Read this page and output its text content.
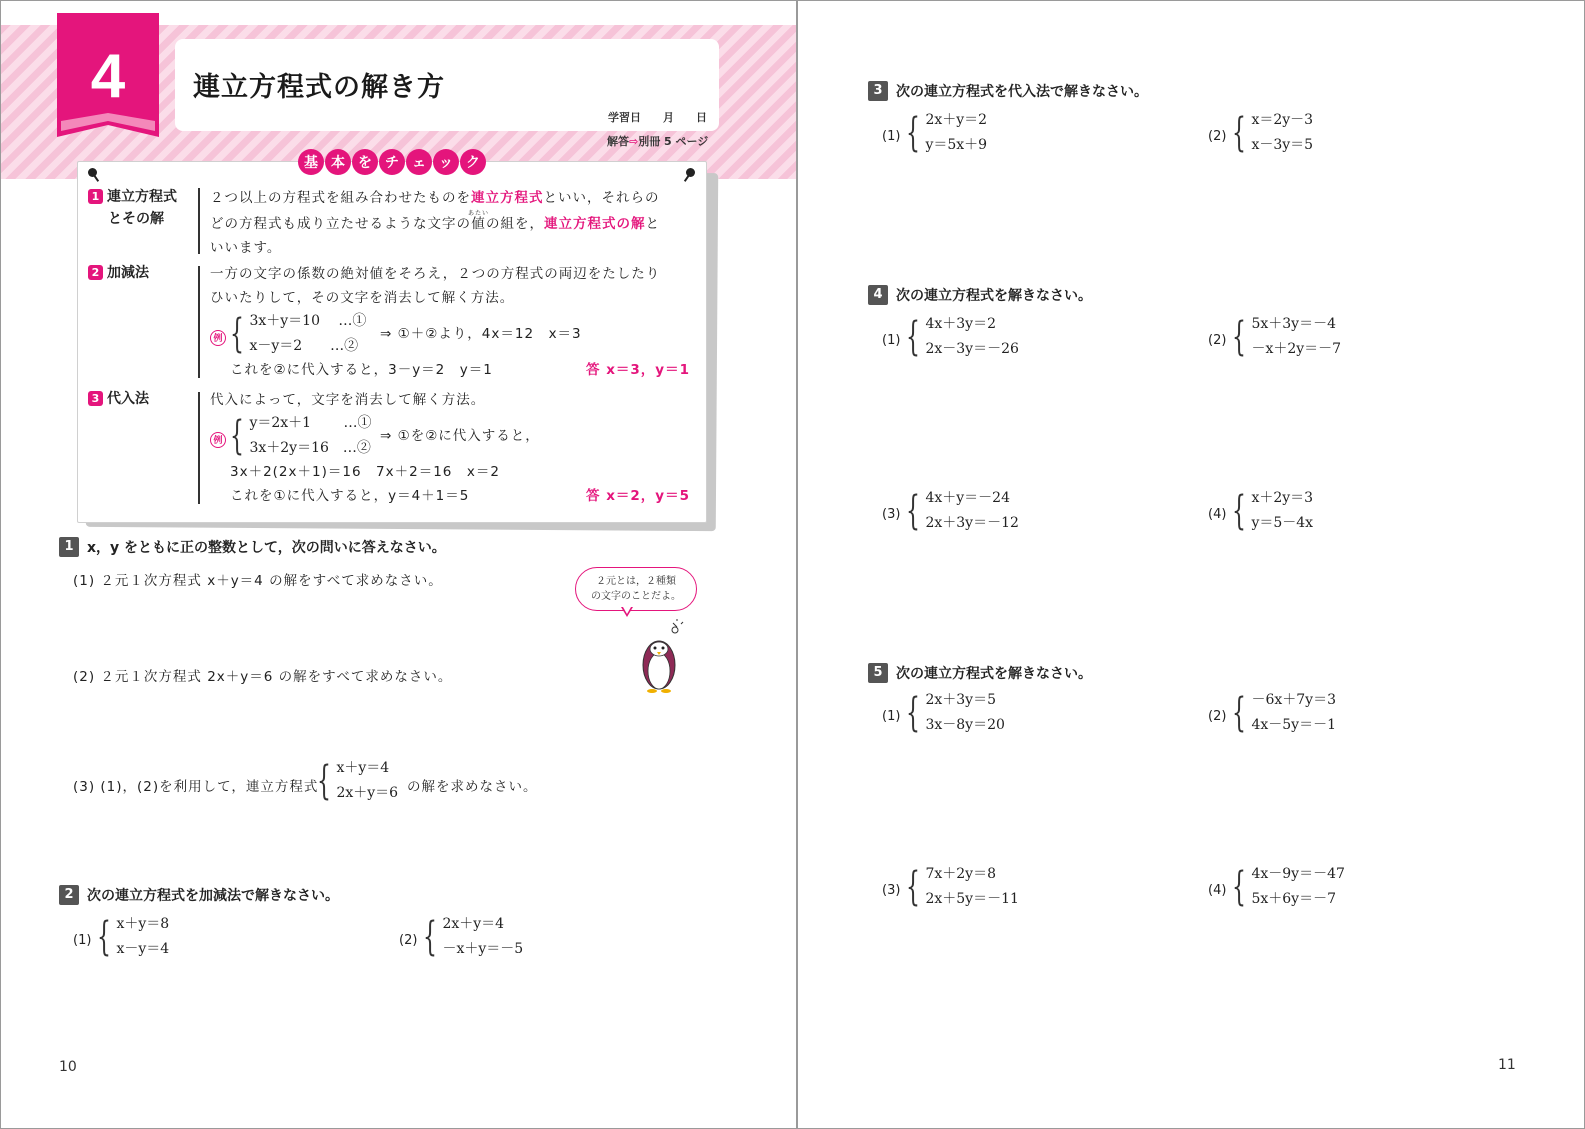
4	連立方程式の解き方
学習日 月 日
解答⇨別冊 5 ページ
基 本 を チ ェ ッ ク
1 連立方程式
とその解
２つ以上の方程式を組み合わせたものを連立方程式といい，それらの
どの方程式も成り立たせるような文字の値あたいの組を，連立方程式の解と
いいます。
2 加減法	一方の文字の係数の絶対値をそろえ，２つの方程式の両辺をたしたり
ひいたりして，その文字を消去して解く方法。
例 { 3x＋y＝10　 …①
x－y＝2　　…②
⇒ ①＋②より，4x＝12　x＝3
これを②に代入すると，3－y＝2　y＝1	答 x＝3，y＝1
3 代入法	代入によって，文字を消去して解く方法。
例 { y＝2x＋1　　 …①
3x＋2y＝16　…②
⇒ ①を②に代入すると，
3x＋2(2x＋1)＝16　7x＋2＝16　x＝2
これを①に代入すると，y＝4＋1＝5	答 x＝2，y＝5
1 x，y をともに正の整数として，次の問いに答えなさい。
(1) ２元１次方程式 x＋y＝4 の解をすべて求めなさい。
(2) ２元１次方程式 2x＋y＝6 の解をすべて求めなさい。
(3) (1)，(2)を利用して，連立方程式
{ x＋y＝4
2x＋y＝6 の解を求めなさい。
２元とは，２種類
の文字のことだよ。
2 次の連立方程式を加減法で解きなさい。
(1) { x＋y＝8
x－y＝4
(2) { 2x＋y＝4
－x＋y＝－5
10
3 次の連立方程式を代入法で解きなさい。
(1) { 2x＋y＝2
y＝5x＋9
(2) { x＝2y－3
x－3y＝5
4 次の連立方程式を解きなさい。
(1) { 4x＋3y＝2
2x－3y＝－26
(2) { 5x＋3y＝－4
－x＋2y＝－7
(3) { 4x＋y＝－24
2x＋3y＝－12
(4) { x＋2y＝3
y＝5－4x
5 次の連立方程式を解きなさい。
(1) { 2x＋3y＝5
3x－8y＝20
(2) { －6x＋7y＝3
4x－5y＝－1
(3) { 7x＋2y＝8
2x＋5y＝－11
(4) { 4x－9y＝－47
5x＋6y＝－7
11
